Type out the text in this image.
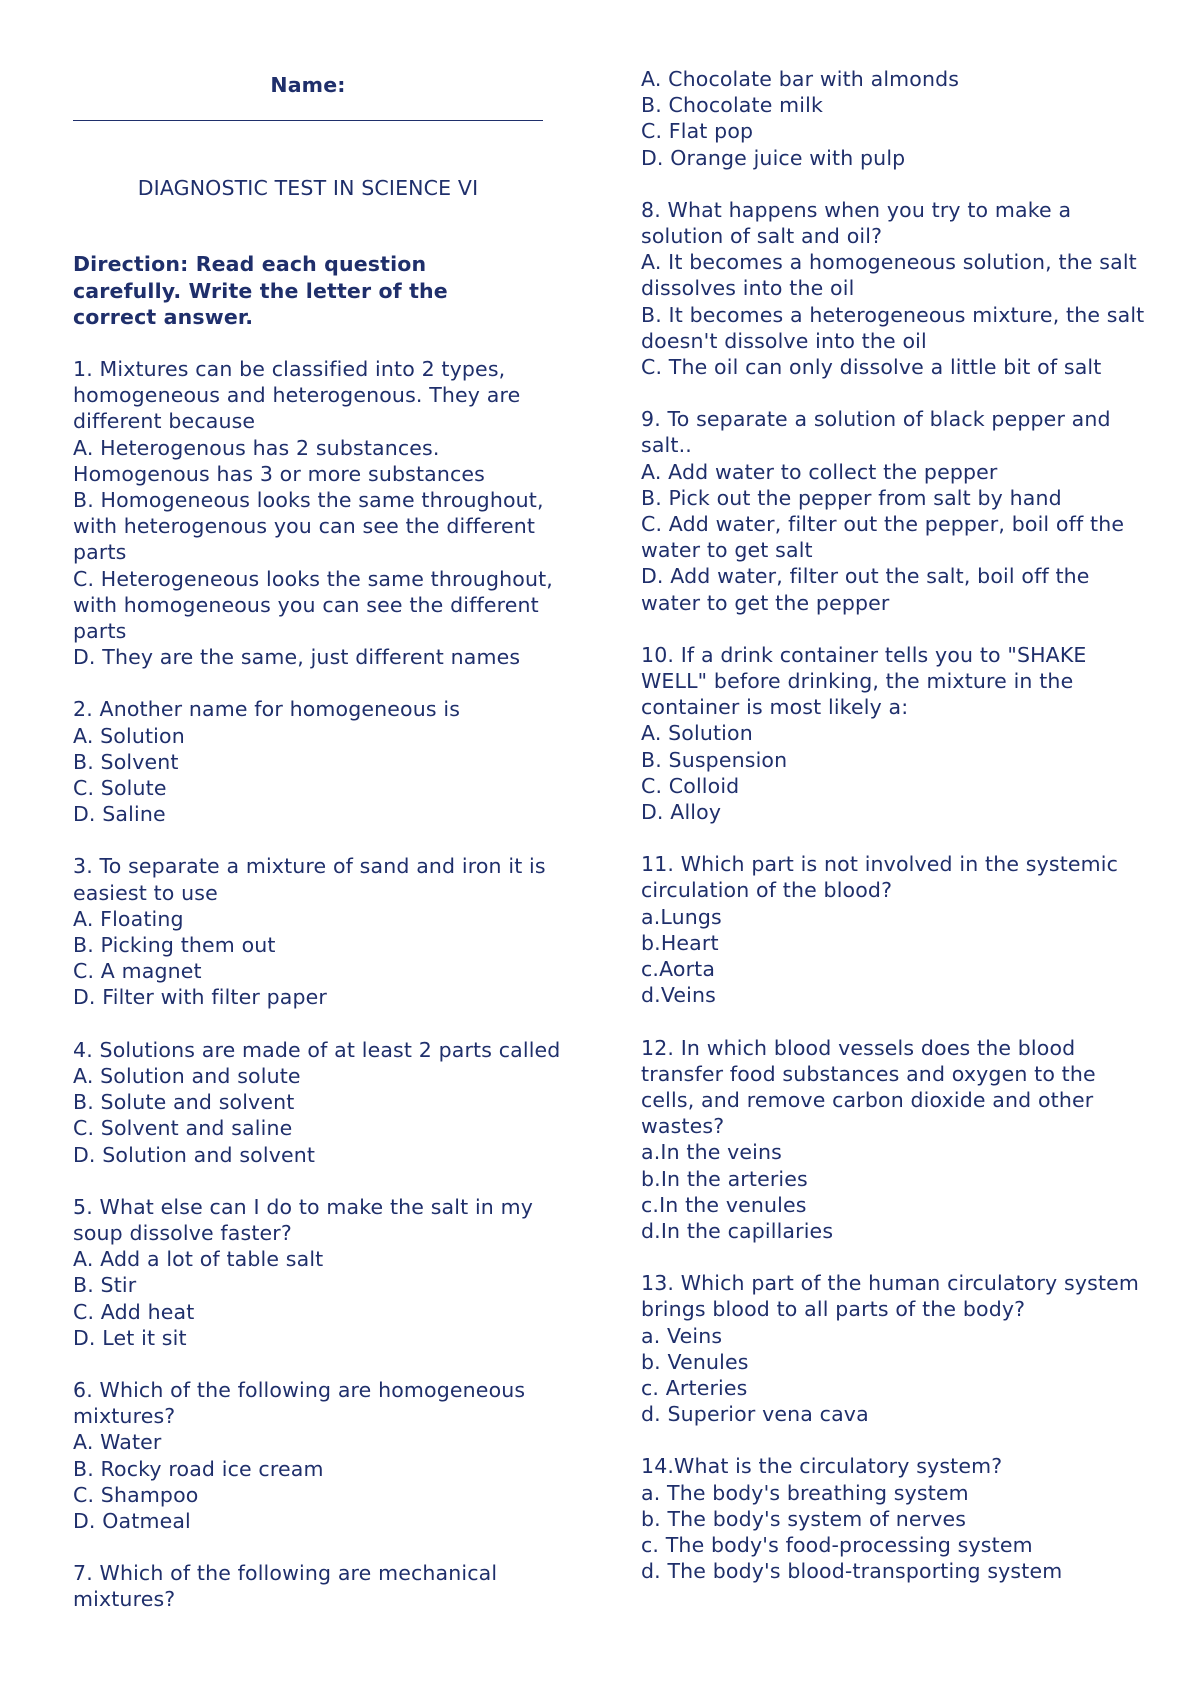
Name:
DIAGNOSTIC TEST IN SCIENCE VI
Direction: Read each question carefully. Write the letter of the correct answer.
1. Mixtures can be classified into 2 types, homogeneous and heterogenous. They are different because
A. Heterogenous has 2 substances. Homogenous has 3 or more substances
B. Homogeneous looks the same throughout, with heterogenous you can see the different parts
C. Heterogeneous looks the same throughout, with homogeneous you can see the different parts
D. They are the same, just different names
2. Another name for homogeneous is
A. Solution
B. Solvent
C. Solute
D. Saline
3. To separate a mixture of sand and iron it is easiest to use
A. Floating
B. Picking them out
C. A magnet
D. Filter with filter paper
4. Solutions are made of at least 2 parts called
A. Solution and solute
B. Solute and solvent
C. Solvent and saline
D. Solution and solvent
5. What else can I do to make the salt in my soup dissolve faster?
A. Add a lot of table salt
B. Stir
C. Add heat
D. Let it sit
6. Which of the following are homogeneous mixtures?
A. Water
B. Rocky road ice cream
C. Shampoo
D. Oatmeal
7. Which of the following are mechanical mixtures?
A. Chocolate bar with almonds
B. Chocolate milk
C. Flat pop
D. Orange juice with pulp
8. What happens when you try to make a solution of salt and oil?
A. It becomes a homogeneous solution, the salt dissolves into the oil
B. It becomes a heterogeneous mixture, the salt doesn't dissolve into the oil
C. The oil can only dissolve a little bit of salt
9. To separate a solution of black pepper and salt..
A. Add water to collect the pepper
B. Pick out the pepper from salt by hand
C. Add water, filter out the pepper, boil off the water to get salt
D. Add water, filter out the salt, boil off the water to get the pepper
10. If a drink container tells you to "SHAKE WELL" before drinking, the mixture in the container is most likely a:
A. Solution
B. Suspension
C. Colloid
D. Alloy
11. Which part is not involved in the systemic circulation of the blood?
a.Lungs
b.Heart
c.Aorta
d.Veins
12. In which blood vessels does the blood transfer food substances and oxygen to the cells, and remove carbon dioxide and other wastes?
a.In the veins
b.In the arteries
c.In the venules
d.In the capillaries
13. Which part of the human circulatory system brings blood to all parts of the body?
a. Veins
b. Venules
c. Arteries
d. Superior vena cava
14.What is the circulatory system?
a. The body's breathing system
b. The body's system of nerves
c. The body's food-processing system
d. The body's blood-transporting system
